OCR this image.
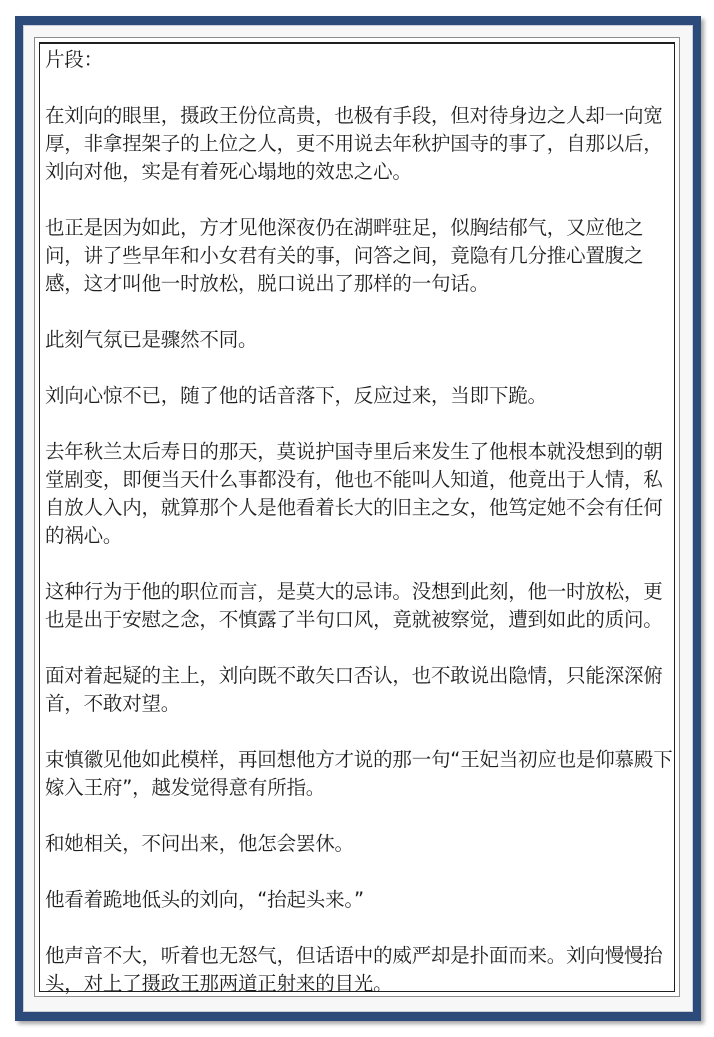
片段：

在刘向的眼里，摄政王份位高贵，也极有手段，但对待身边之人却一向宽厚，非拿捏架子的上位之人，更不用说去年秋护国寺的事了，自那以后，刘向对他，实是有着死心塌地的效忠之心。

也正是因为如此，方才见他深夜仍在湖畔驻足，似胸结郁气，又应他之问，讲了些早年和小女君有关的事，问答之间，竟隐有几分推心置腹之感，这才叫他一时放松，脱口说出了那样的一句话。

此刻气氛已是骤然不同。

刘向心惊不已，随了他的话音落下，反应过来，当即下跪。

去年秋兰太后寿日的那天，莫说护国寺里后来发生了他根本就没想到的朝堂剧变，即便当天什么事都没有，他也不能叫人知道，他竟出于人情，私自放人入内，就算那个人是他看着长大的旧主之女，他笃定她不会有任何的祸心。

这种行为于他的职位而言，是莫大的忌讳。没想到此刻，他一时放松，更也是出于安慰之念，不慎露了半句口风，竟就被察觉，遭到如此的质问。

面对着起疑的主上，刘向既不敢矢口否认，也不敢说出隐情，只能深深俯首，不敢对望。

束慎徽见他如此模样，再回想他方才说的那一句“王妃当初应也是仰慕殿下嫁入王府”，越发觉得意有所指。

和她相关，不问出来，他怎会罢休。

他看着跪地低头的刘向，“抬起头来。”

他声音不大，听着也无怒气，但话语中的威严却是扑面而来。刘向慢慢抬头，对上了摄政王那两道正射来的目光。
